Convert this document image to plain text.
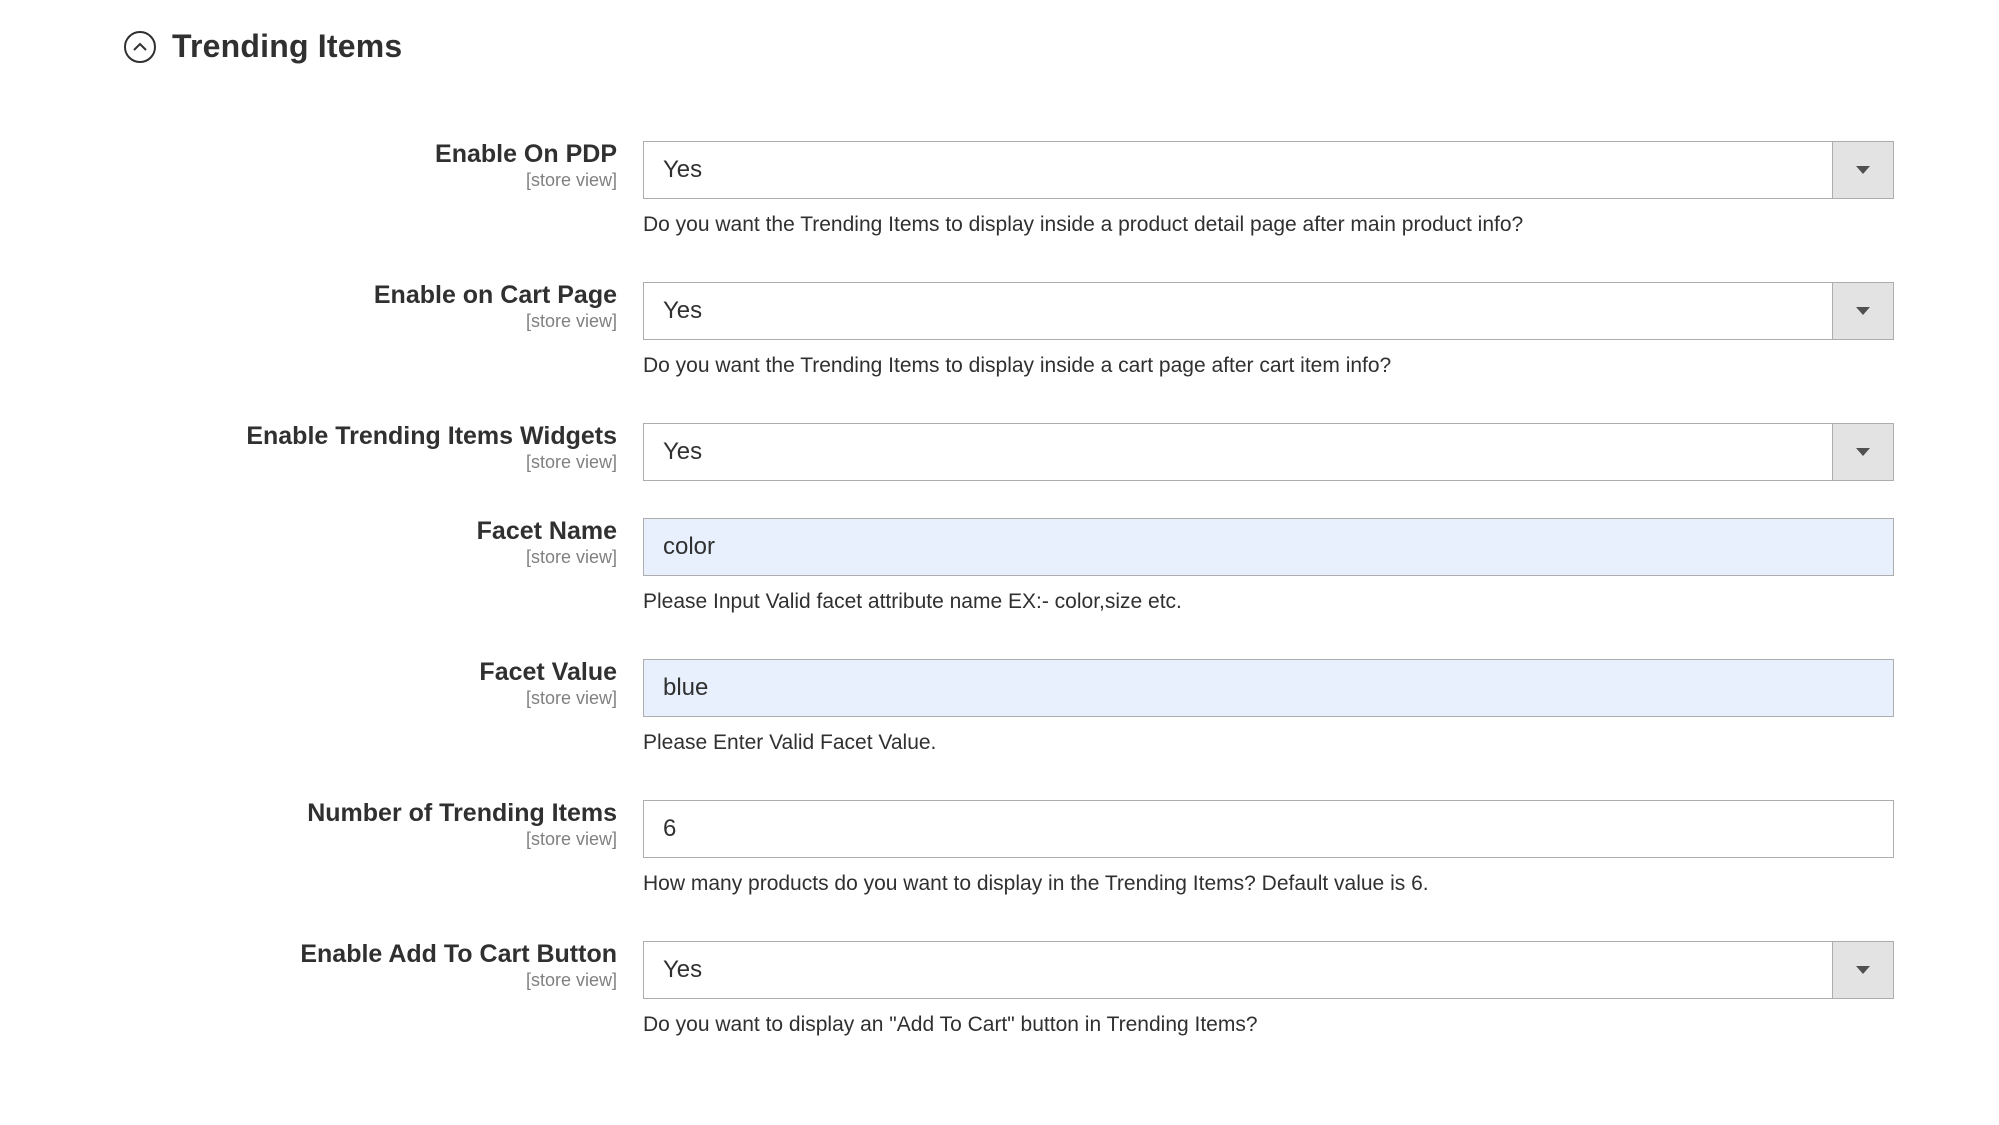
Trending Items
Enable On PDP
[store view] Yes
Do you want the Trending Items to display inside a product detail page after main product info?
Enable on Cart Page
[store view] Yes
Do you want the Trending Items to display inside a cart page after cart item info?
Enable Trending Items Widgets
[store view] Yes
Facet Name
[store view] color
Please Input Valid facet attribute name EX:- color,size etc.
Facet Value
[store view] blue
Please Enter Valid Facet Value.
Number of Trending Items
[store view] 6
How many products do you want to display in the Trending Items? Default value is 6.
Enable Add To Cart Button
[store view] Yes
Do you want to display an "Add To Cart" button in Trending Items?
